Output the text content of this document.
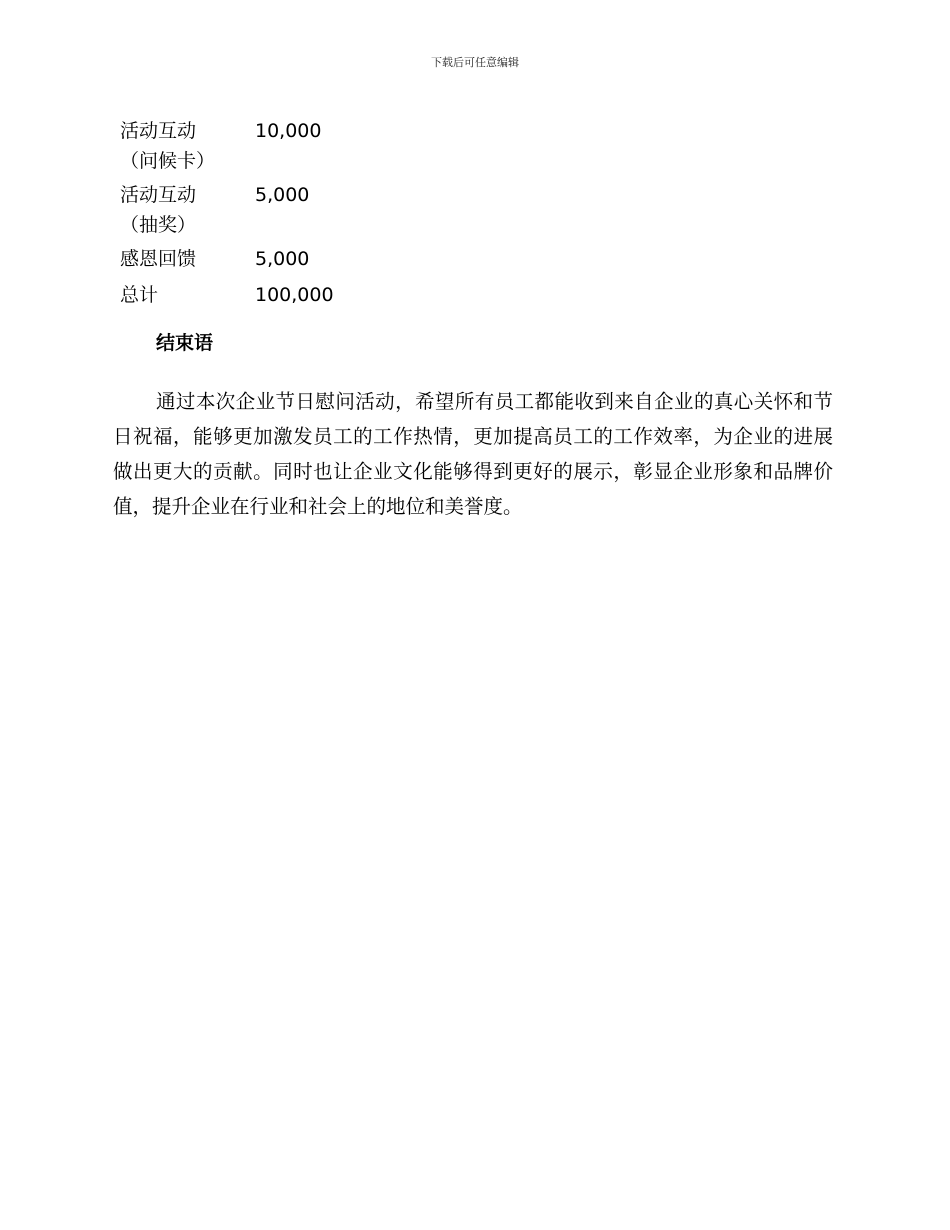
下载后可任意编辑
活动互动
（问候卡）	10,000
活动互动
（抽奖）	5,000
感恩回馈	5,000
总计	100,000
结束语

通过本次企业节日慰问活动，希望所有员工都能收到来自企业的真心关怀和节日祝福，能够更加激发员工的工作热情，更加提高员工的工作效率，为企业的进展做出更大的贡献。同时也让企业文化能够得到更好的展示，彰显企业形象和品牌价值，提升企业在行业和社会上的地位和美誉度。
